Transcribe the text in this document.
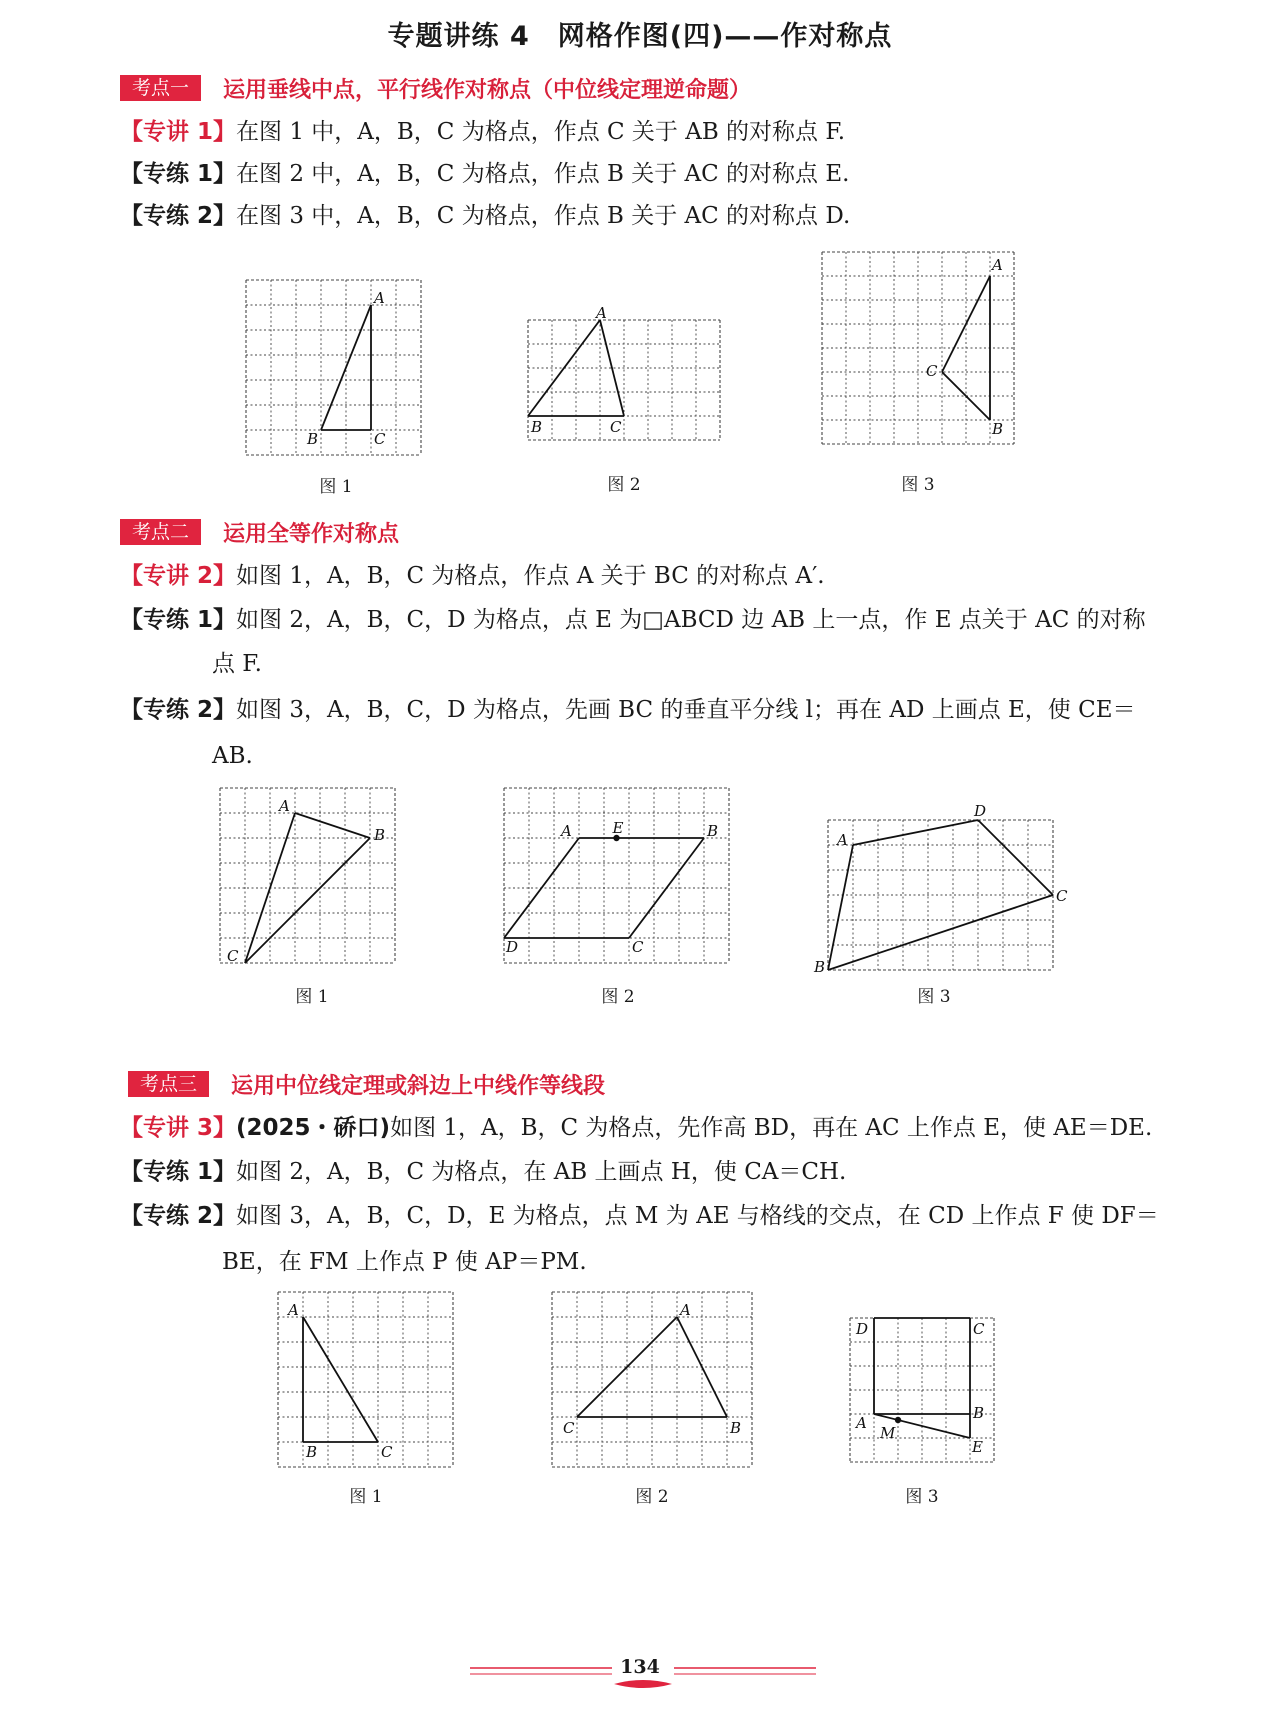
专题讲练 4　网格作图(四)——作对称点
考点一	运用垂线中点，平行线作对称点（中位线定理逆命题）
【专讲 1】在图 1 中，A，B，C 为格点，作点 C 关于 AB 的对称点 F.
【专练 1】在图 2 中，A，B，C 为格点，作点 B 关于 AC 的对称点 E.
【专练 2】在图 3 中，A，B，C 为格点，作点 B 关于 AC 的对称点 D.
A
B	C
A
B	C
A
C
B
图 1	图 2	图 3
考点二	运用全等作对称点
【专讲 2】如图 1，A，B，C 为格点，作点 A 关于 BC 的对称点 A′.
【专练 1】如图 2，A，B，C，D 为格点，点 E 为□ABCD 边 AB 上一点，作 E 点关于 AC 的对称
点 F.
【专练 2】如图 3，A，B，C，D 为格点，先画 BC 的垂直平分线 l；再在 AD 上画点 E，使 CE＝
AB.
A
B
C
A	E	B
D	C
D
A
C
B
图 1	图 2	图 3
考点三	运用中位线定理或斜边上中线作等线段
【专讲 3】(2025・硚口)如图 1，A，B，C 为格点，先作高 BD，再在 AC 上作点 E，使 AE＝DE.
【专练 1】如图 2，A，B，C 为格点，在 AB 上画点 H，使 CA＝CH.
【专练 2】如图 3，A，B，C，D，E 为格点，点 M 为 AE 与格线的交点，在 CD 上作点 F 使 DF＝
BE，在 FM 上作点 P 使 AP＝PM.
A
B	C
A
C	B
D	C
B
A
M
E
图 1	图 2	图 3
134
